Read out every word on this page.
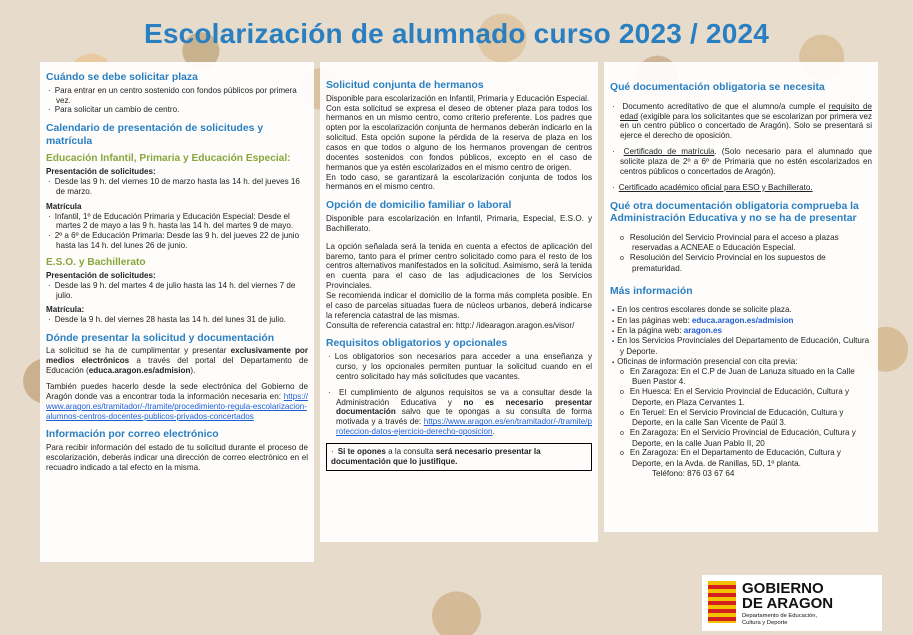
Escolarización de alumnado curso 2023 / 2024
Cuándo se debe solicitar plaza
· Para entrar en un centro sostenido con fondos públicos por primera vez.
· Para solicitar un cambio de centro.
Calendario de presentación de solicitudes y matrícula
Educación Infantil, Primaria y Educación Especial:
Presentación de solicitudes:
· Desde las 9 h. del viernes 10 de marzo hasta las 14 h. del jueves 16 de marzo.
Matrícula
· Infantil, 1º de Educación Primaria y Educación Especial: Desde el martes 2 de mayo a las 9 h. hasta las 14 h. del martes 9 de mayo.
· 2º a 6º de Educación Primaria: Desde las 9 h. del jueves 22 de junio hasta las 14 h. del lunes 26 de junio.
E.S.O. y Bachillerato
Presentación de solicitudes:
· Desde las 9 h. del martes 4 de julio hasta las 14 h. del viernes 7 de julio.
Matrícula:
· Desde la 9 h. del viernes 28 hasta las 14 h. del lunes 31 de julio.
Dónde presentar la solicitud y documentación

La solicitud se ha de cumplimentar y presentar exclusivamente por medios electrónicos a través del portal del Departamento de Educación (educa.aragon.es/admision).

También puedes hacerlo desde la sede electrónica del Gobierno de Aragón donde vas a encontrar toda la información necesaria en: https://www.aragon.es/tramitador/-/tramite/procedimiento-regula-escolarizacion-alumnos-centros-docentes-publicos-privados-concertados

Información por correo electrónico

Para recibir información del estado de tu solicitud durante el proceso de escolarización, deberás indicar una dirección de correo electrónico en el recuadro indicado a tal efecto en la misma.

Solicitud conjunta de hermanos

Disponible para escolarización en Infantil, Primaria y Educación Especial.

Con esta solicitud se expresa el deseo de obtener plaza para todos los hermanos en un mismo centro, como criterio preferente. Los padres que opten por la escolarización conjunta de hermanos deberán indicarlo en la solicitud. Esta opción supone la pérdida de la reserva de plaza en los casos en que todos o alguno de los hermanos provengan de centros docentes sostenidos con fondos públicos, excepto en el caso de hermanos que ya estén escolarizados en el mismo centro de origen.

En todo caso, se garantizará la escolarización conjunta de todos los hermanos en el mismo centro.

Opción de domicilio familiar o laboral

Disponible para escolarización en Infantil, Primaria, Especial, E.S.O. y Bachillerato.

La opción señalada será la tenida en cuenta a efectos de aplicación del baremo, tanto para el primer centro solicitado como para el resto de los centros alternativos manifestados en la solicitud. Asimismo, será la tenida en cuenta para el caso de las adjudicaciones de los Servicios Provinciales.

Se recomienda indicar el domicilio de la forma más completa posible. En el caso de parcelas situadas fuera de núcleos urbanos, deberá indicarse la referencia catastral de las mismas.

Consulta de referencia catastral en: http:/ /idearagon.aragon.es/visor/

Requisitos obligatorios y opcionales
· Los obligatorios son necesarios para acceder a una enseñanza y curso, y los opcionales permiten puntuar la solicitud cuando en el centro solicitado hay más solicitudes que vacantes.
· El cumplimiento de algunos requisitos se va a consultar desde la Administración Educativa y no es necesario presentar documentación salvo que te opongas a su consulta de forma motivada y a través de: https://www.aragon.es/en/tramitador/-/tramite/proteccion-datos-ejercicio-derecho-oposicion.
· Si te opones a la consulta será necesario presentar la documentación que lo justifique.
Qué documentación obligatoria se necesita
· Documento acreditativo de que el alumno/a cumple el requisito de edad (exigible para los solicitantes que se escolarizan por primera vez en un centro público o concertado de Aragón). Solo se presentará si ejerce el derecho de oposición.
· Certificado de matrícula. (Solo necesario para el alumnado que solicite plaza de 2º a 6º de Primaria que no estén escolarizados en centros públicos o concertados de Aragón).
· Certificado académico oficial para ESO y Bachillerato.
Qué otra documentación obligatoria comprueba la Administración Educativa y no se ha de presentar
o Resolución del Servicio Provincial para el acceso a plazas reservadas a ACNEAE o Educación Especial.
o Resolución del Servicio Provincial en los supuestos de prematuridad.
Más información
▪ En los centros escolares donde se solicite plaza.
▪ En las páginas web: educa.aragon.es/admision
▪ En la página web: aragon.es
▪ En los Servicios Provinciales del Departamento de Educación, Cultura y Deporte.
▪ Oficinas de información presencial con cita previa:
o En Zaragoza: En el C.P de Juan de Lanuza situado en la Calle Buen Pastor 4.
o En Huesca: En el Servicio Provincial de Educación, Cultura y Deporte, en Plaza Cervantes 1.
o En Teruel: En el Servicio Provincial de Educación, Cultura y Deporte, en la calle San Vicente de Paúl 3.
o En Zaragoza: En el Servicio Provincial de Educación, Cultura y Deporte, en la calle Juan Pablo II, 20
o En Zaragoza: En el Departamento de Educación, Cultura y Deporte, en la Avda. de Ranillas, 5D, 1º planta.
Teléfono: 876 03 67 64
GOBIERNO
DE ARAGON
Departamento de Educación,
Cultura y Deporte
